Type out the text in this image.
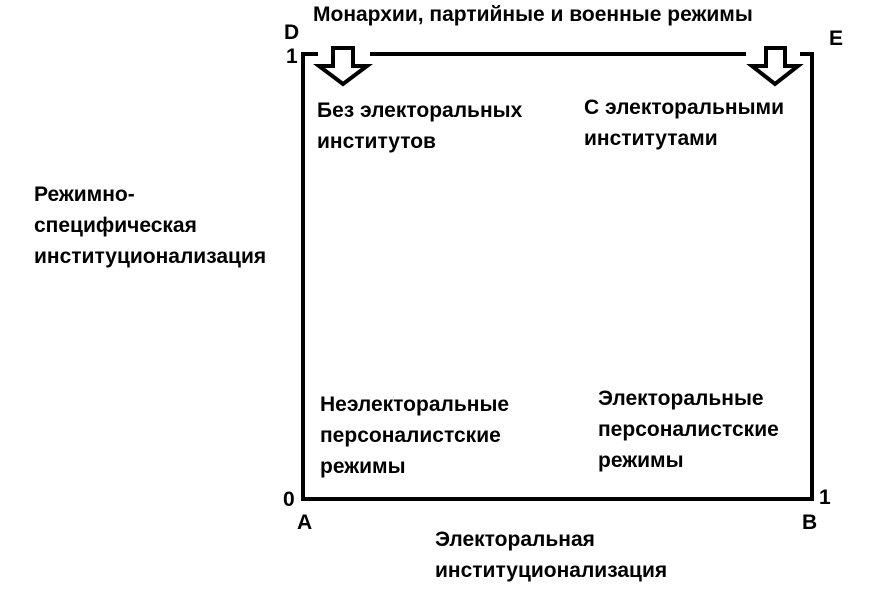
Монархии, партийные и военные режимы
D	E
A	B
1
0	1
Режимно-
специфическая
институционализация
Электоральная
институционализация
Без электоральных
институтов
С электоральными
институтами
Неэлекторальные
персоналистские
режимы
Электоральные
персоналистские
режимы
